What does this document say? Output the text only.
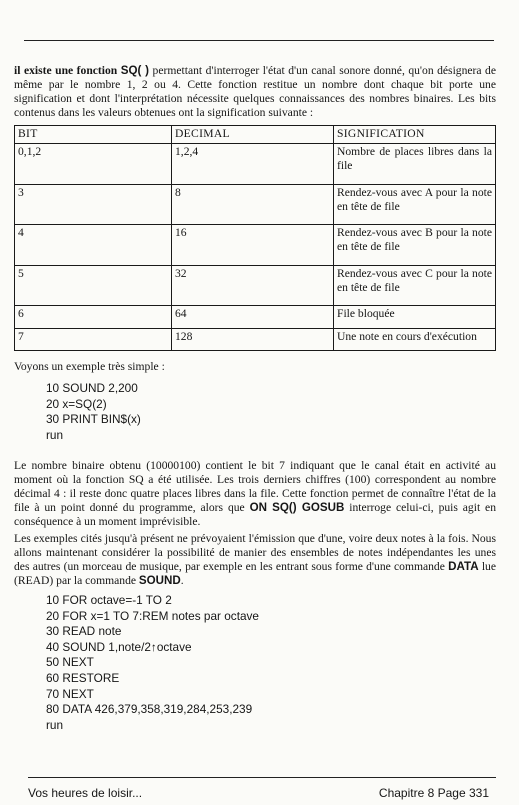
il existe une fonction SQ( ) permettant d'interroger l'état d'un canal sonore donné, qu'on désignera de même par le nombre 1, 2 ou 4. Cette fonction restitue un nombre dont chaque bit porte une signification et dont l'interprétation nécessite quelques connaissances des nombres binaires. Les bits contenus dans les valeurs obtenues ont la signification suivante :

BIT	DECIMAL	SIGNIFICATION
0,1,2	1,2,4	Nombre de places libres dans la file
3	8	Rendez-vous avec A pour la note en tête de file
4	16	Rendez-vous avec B pour la note en tête de file
5	32	Rendez-vous avec C pour la note en tête de file
6	64	File bloquée
7	128	Une note en cours d'exécution

Voyons un exemple très simple :

10 SOUND 2,200
20 x=SQ(2)
30 PRINT BIN$(x)
run

Le nombre binaire obtenu (10000100) contient le bit 7 indiquant que le canal était en activité au moment où la fonction SQ a été utilisée. Les trois derniers chiffres (100) correspondent au nombre décimal 4 : il reste donc quatre places libres dans la file. Cette fonction permet de connaître l'état de la file à un point donné du programme, alors que ON SQ() GOSUB interroge celui-ci, puis agit en conséquence à un moment imprévisible.

Les exemples cités jusqu'à présent ne prévoyaient l'émission que d'une, voire deux notes à la fois. Nous allons maintenant considérer la possibilité de manier des ensembles de notes indépendantes les unes des autres (un morceau de musique, par exemple en les entrant sous forme d'une commande DATA lue (READ) par la commande SOUND.

10 FOR octave=-1 TO 2
20 FOR x=1 TO 7:REM notes par octave
30 READ note
40 SOUND 1,note/2↑octave
50 NEXT
60 RESTORE
70 NEXT
80 DATA 426,379,358,319,284,253,239
run
Vos heures de loisir...	Chapitre 8 Page 331
